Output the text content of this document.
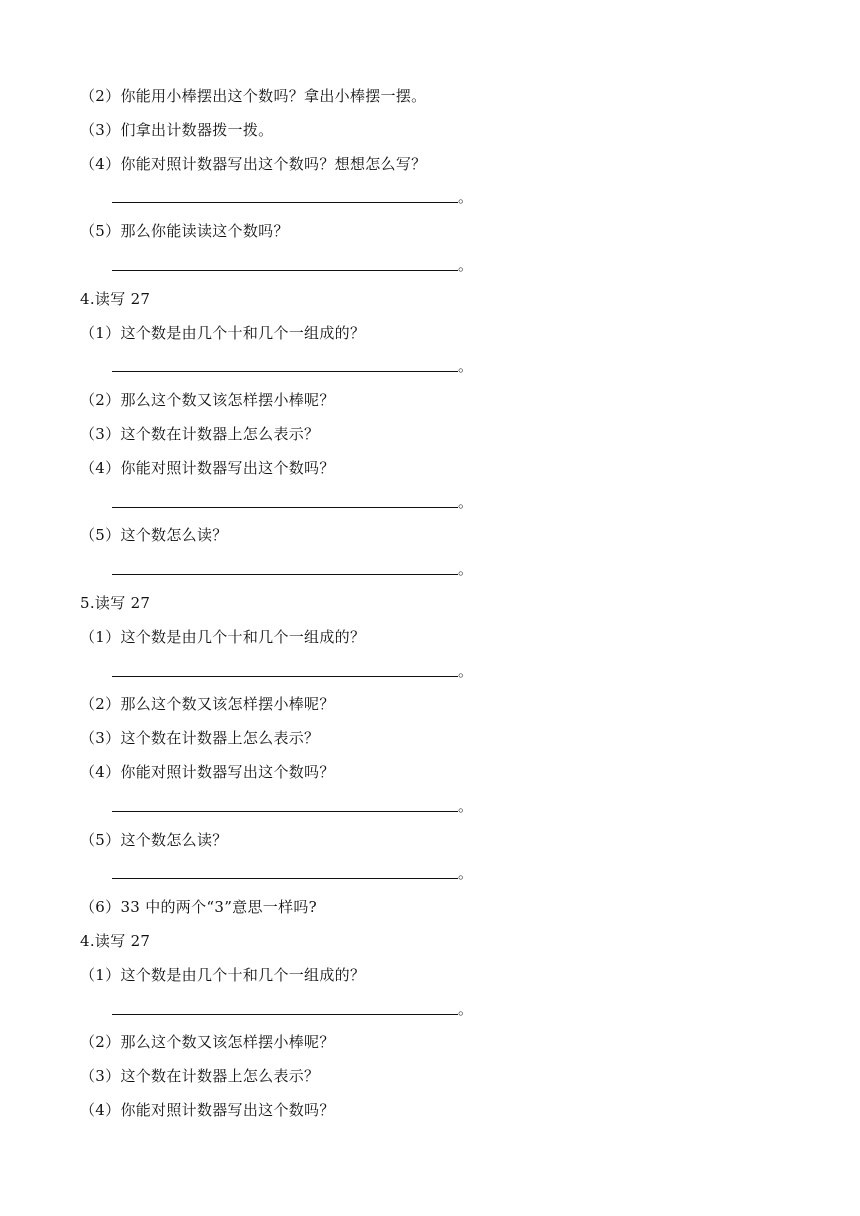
（2）你能用小棒摆出这个数吗？拿出小棒摆一摆。
（3）们拿出计数器拨一拨。
（4）你能对照计数器写出这个数吗？想想怎么写？
。
（5）那么你能读读这个数吗？
。
4.读写 27
（1）这个数是由几个十和几个一组成的？
。
（2）那么这个数又该怎样摆小棒呢？
（3）这个数在计数器上怎么表示？
（4）你能对照计数器写出这个数吗？
。
（5）这个数怎么读？
。
5.读写 27
（1）这个数是由几个十和几个一组成的？
。
（2）那么这个数又该怎样摆小棒呢？
（3）这个数在计数器上怎么表示？
（4）你能对照计数器写出这个数吗？
。
（5）这个数怎么读？
。
（6）33 中的两个“3”意思一样吗?
4.读写 27
（1）这个数是由几个十和几个一组成的？
。
（2）那么这个数又该怎样摆小棒呢？
（3）这个数在计数器上怎么表示？
（4）你能对照计数器写出这个数吗？
